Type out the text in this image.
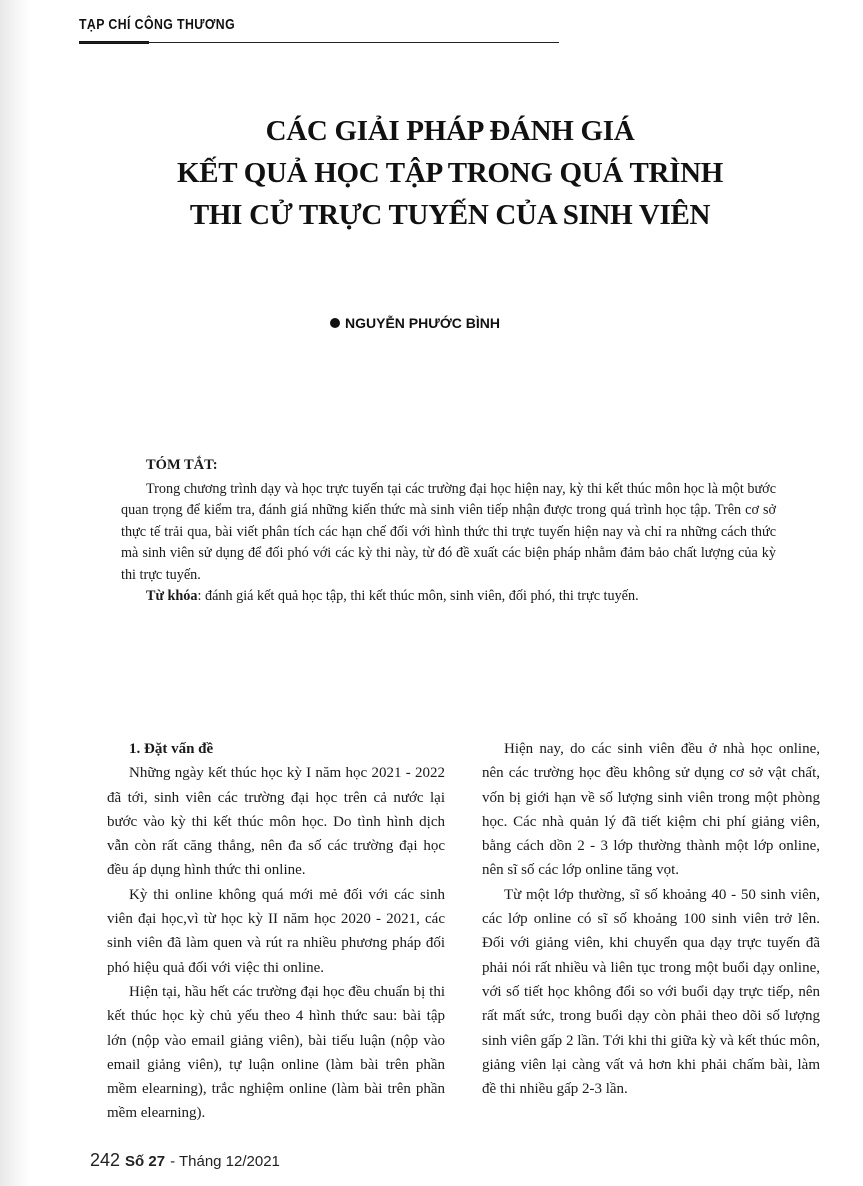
TẠP CHÍ CÔNG THƯƠNG
CÁC GIẢI PHÁP ĐÁNH GIÁ
KẾT QUẢ HỌC TẬP TRONG QUÁ TRÌNH
THI CỬ TRỰC TUYẾN CỦA SINH VIÊN
NGUYỄN PHƯỚC BÌNH
TÓM TẮT:

Trong chương trình dạy và học trực tuyến tại các trường đại học hiện nay, kỳ thi kết thúc môn học là một bước quan trọng để kiểm tra, đánh giá những kiến thức mà sinh viên tiếp nhận được trong quá trình học tập. Trên cơ sở thực tế trải qua, bài viết phân tích các hạn chế đối với hình thức thi trực tuyến hiện nay và chỉ ra những cách thức mà sinh viên sử dụng để đối phó với các kỳ thi này, từ đó đề xuất các biện pháp nhằm đảm bảo chất lượng của kỳ thi trực tuyến.

Từ khóa: đánh giá kết quả học tập, thi kết thúc môn, sinh viên, đối phó, thi trực tuyến.

1. Đặt vấn đề

Những ngày kết thúc học kỳ I năm học 2021 - 2022 đã tới, sinh viên các trường đại học trên cả nước lại bước vào kỳ thi kết thúc môn học. Do tình hình dịch vẫn còn rất căng thẳng, nên đa số các trường đại học đều áp dụng hình thức thi online.

Kỳ thi online không quá mới mẻ đối với các sinh viên đại học,vì từ học kỳ II năm học 2020 - 2021, các sinh viên đã làm quen và rút ra nhiều phương pháp đối phó hiệu quả đối với việc thi online.

Hiện tại, hầu hết các trường đại học đều chuẩn bị thi kết thúc học kỳ chủ yếu theo 4 hình thức sau: bài tập lớn (nộp vào email giảng viên), bài tiểu luận (nộp vào email giảng viên), tự luận online (làm bài trên phần mềm elearning), trắc nghiệm online (làm bài trên phần mềm elearning).

Hiện nay, do các sinh viên đều ở nhà học online, nên các trường học đều không sử dụng cơ sở vật chất, vốn bị giới hạn về số lượng sinh viên trong một phòng học. Các nhà quản lý đã tiết kiệm chi phí giảng viên, bằng cách dồn 2 - 3 lớp thường thành một lớp online, nên sĩ số các lớp online tăng vọt.

Từ một lớp thường, sĩ số khoảng 40 - 50 sinh viên, các lớp online có sĩ số khoảng 100 sinh viên trở lên. Đối với giảng viên, khi chuyển qua dạy trực tuyến đã phải nói rất nhiều và liên tục trong một buổi dạy online, với số tiết học không đổi so với buổi dạy trực tiếp, nên rất mất sức, trong buổi dạy còn phải theo dõi số lượng sinh viên gấp 2 lần. Tới khi thi giữa kỳ và kết thúc môn, giảng viên lại càng vất vả hơn khi phải chấm bài, làm đề thi nhiều gấp 2-3 lần.

242 Số 27 - Tháng 12/2021
